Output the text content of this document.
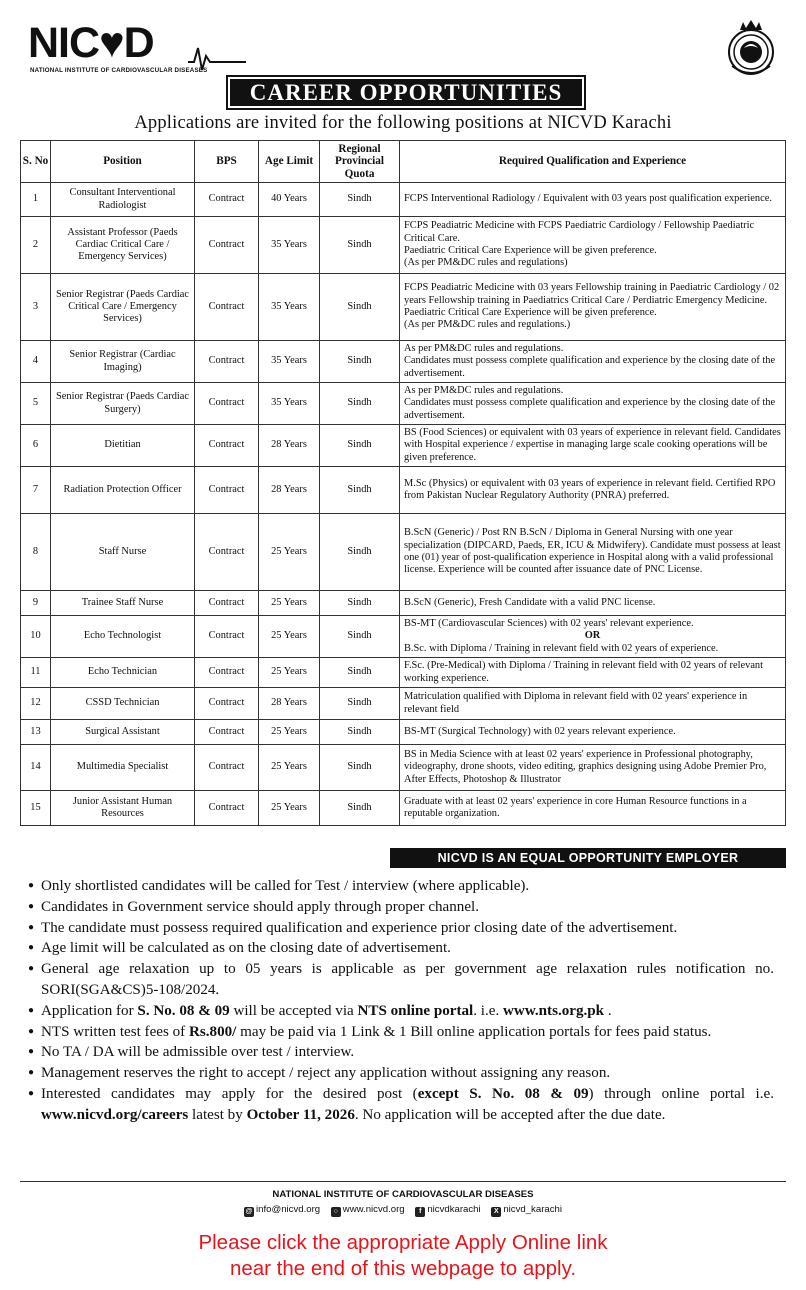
NIC♥D
NATIONAL INSTITUTE OF CARDIOVASCULAR DISEASES
CAREER OPPORTUNITIES
Applications are invited for the following positions at NICVD Karachi
S. No	Position	BPS	Age Limit	Regional Provincial Quota	Required Qualification and Experience
1	Consultant Interventional Radiologist	Contract	40 Years	Sindh	FCPS Interventional Radiology / Equivalent with 03 years post qualification experience.

2	Assistant Professor (Paeds Cardiac Critical Care / Emergency Services)	Contract	35 Years	Sindh	FCPS Peadiatric Medicine with FCPS Paediatric Cardiology / Fellowship Paediatric Critical Care.
Paediatric Critical Care Experience will be given preference.
(As per PM&DC rules and regulations)

3	Senior Registrar (Paeds Cardiac Critical Care / Emergency Services)	Contract	35 Years	Sindh	FCPS Peadiatric Medicine with 03 years Fellowship training in Paediatric Cardiology / 02 years Fellowship training in Paediatrics Critical Care / Perdiatric Emergency Medicine.
Paediatric Critical Care Experience will be given preference.
(As per PM&DC rules and regulations.)

4	Senior Registrar (Cardiac Imaging)	Contract	35 Years	Sindh	As per PM&DC rules and regulations.
Candidates must possess complete qualification and experience by the closing date of the advertisement.

5	Senior Registrar (Paeds Cardiac Surgery)	Contract	35 Years	Sindh	As per PM&DC rules and regulations.
Candidates must possess complete qualification and experience by the closing date of the advertisement.

6	Dietitian	Contract	28 Years	Sindh	BS (Food Sciences) or equivalent with 03 years of experience in relevant field. Candidates with Hospital experience / expertise in managing large scale cooking operations will be given preference.

7	Radiation Protection Officer	Contract	28 Years	Sindh	M.Sc (Physics) or equivalent with 03 years of experience in relevant field. Certified RPO from Pakistan Nuclear Regulatory Authority (PNRA) preferred.

8	Staff Nurse	Contract	25 Years	Sindh	B.ScN (Generic) / Post RN B.ScN / Diploma in General Nursing with one year specialization (DIPCARD, Paeds, ER, ICU & Midwifery). Candidate must possess at least one (01) year of post-qualification experience in Hospital along with a valid professional license. Experience will be counted after issuance date of PNC License.

9	Trainee Staff Nurse	Contract	25 Years	Sindh	B.ScN (Generic), Fresh Candidate with a valid PNC license.

10	Echo Technologist	Contract	25 Years	Sindh	BS-MT (Cardiovascular Sciences) with 02 years' relevant experience.
OR
B.Sc. with Diploma / Training in relevant field with 02 years of experience.

11	Echo Technician	Contract	25 Years	Sindh	F.Sc. (Pre-Medical) with Diploma / Training in relevant field with 02 years of relevant working experience.

12	CSSD Technician	Contract	28 Years	Sindh	Matriculation qualified with Diploma in relevant field with 02 years' experience in relevant field

13	Surgical Assistant	Contract	25 Years	Sindh	BS-MT (Surgical Technology) with 02 years relevant experience.

14	Multimedia Specialist	Contract	25 Years	Sindh	BS in Media Science with at least 02 years' experience in Professional photography, videography, drone shoots, video editing, graphics designing using Adobe Premier Pro, After Effects, Photoshop & Illustrator

15	Junior Assistant Human Resources	Contract	25 Years	Sindh	Graduate with at least 02 years' experience in core Human Resource functions in a reputable organization.
NICVD IS AN EQUAL OPPORTUNITY EMPLOYER
● Only shortlisted candidates will be called for Test / interview (where applicable).
● Candidates in Government service should apply through proper channel.
● The candidate must possess required qualification and experience prior closing date of the advertisement.
● Age limit will be calculated as on the closing date of advertisement.
● General age relaxation up to 05 years is applicable as per government age relaxation rules notification no. SORI(SGA&CS)5-108/2024.
● Application for S. No. 08 & 09 will be accepted via NTS online portal. i.e. www.nts.org.pk .
● NTS written test fees of Rs.800/ may be paid via 1 Link & 1 Bill online application portals for fees paid status.
● No TA / DA will be admissible over test / interview.
● Management reserves the right to accept / reject any application without assigning any reason.
● Interested candidates may apply for the desired post (except S. No. 08 & 09) through online portal i.e. www.nicvd.org/careers latest by October 11, 2026. No application will be accepted after the due date.
NATIONAL INSTITUTE OF CARDIOVASCULAR DISEASES
@ info@nicvd.org ○ www.nicvd.org f nicvdkarachi X nicvd_karachi
Please click the appropriate Apply Online link
near the end of this webpage to apply.
